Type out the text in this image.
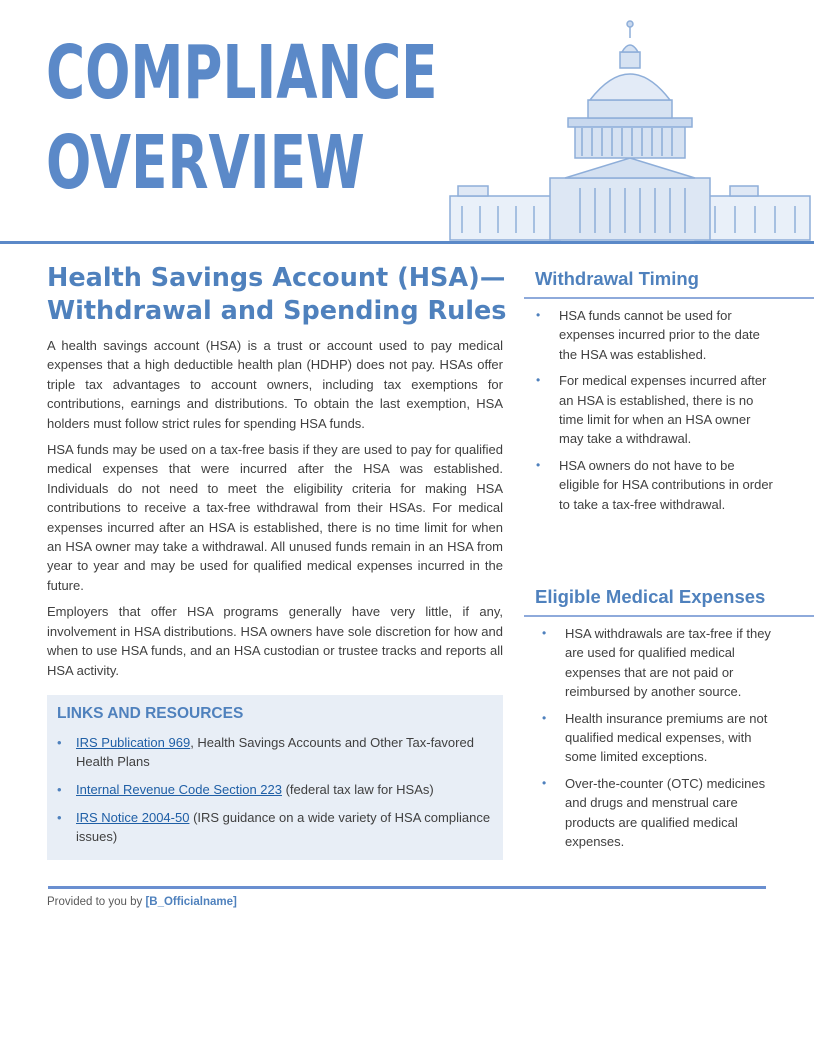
COMPLIANCE
OVERVIEW
Health Savings Account (HSA)— Withdrawal and Spending Rules

A health savings account (HSA) is a trust or account used to pay medical expenses that a high deductible health plan (HDHP) does not pay. HSAs offer triple tax advantages to account owners, including tax exemptions for contributions, earnings and distributions. To obtain the last exemption, HSA holders must follow strict rules for spending HSA funds.

HSA funds may be used on a tax-free basis if they are used to pay for qualified medical expenses that were incurred after the HSA was established. Individuals do not need to meet the eligibility criteria for making HSA contributions to receive a tax-free withdrawal from their HSAs. For medical expenses incurred after an HSA is established, there is no time limit for when an HSA owner may take a withdrawal. All unused funds remain in an HSA from year to year and may be used for qualified medical expenses incurred in the future.

Employers that offer HSA programs generally have very little, if any, involvement in HSA distributions. HSA owners have sole discretion for how and when to use HSA funds, and an HSA custodian or trustee tracks and reports all HSA activity.

LINKS AND RESOURCES
• IRS Publication 969, Health Savings Accounts and Other Tax-favored Health Plans
• Internal Revenue Code Section 223 (federal tax law for HSAs)
• IRS Notice 2004-50 (IRS guidance on a wide variety of HSA compliance issues)
Withdrawal Timing
• HSA funds cannot be used for expenses incurred prior to the date the HSA was established.
• For medical expenses incurred after an HSA is established, there is no time limit for when an HSA owner may take a withdrawal.
• HSA owners do not have to be eligible for HSA contributions in order to take a tax-free withdrawal.
Eligible Medical Expenses
• HSA withdrawals are tax-free if they are used for qualified medical expenses that are not paid or reimbursed by another source.
• Health insurance premiums are not qualified medical expenses, with some limited exceptions.
• Over-the-counter (OTC) medicines and drugs and menstrual care products are qualified medical expenses.
Provided to you by [B_Officialname]
